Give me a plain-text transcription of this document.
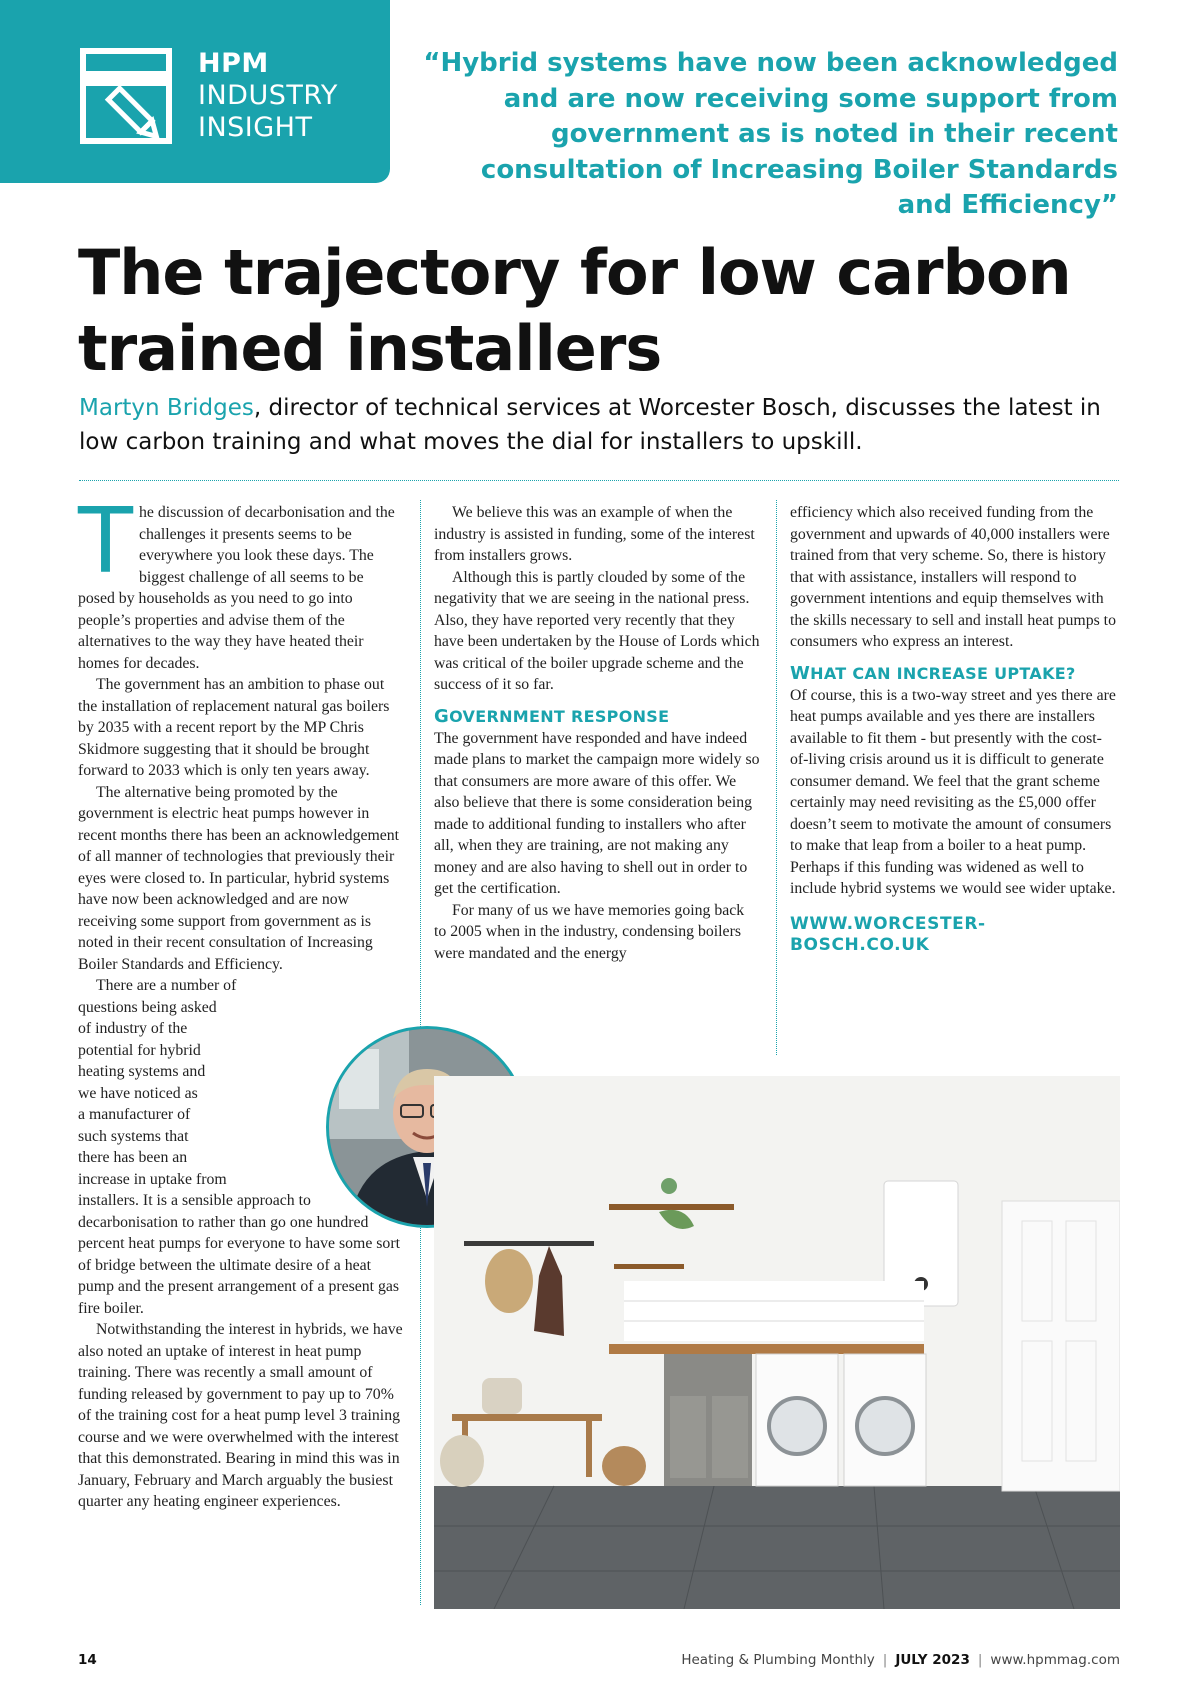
HPM
INDUSTRY
INSIGHT
“Hybrid systems have now been acknowledged and are now receiving some support from government as is noted in their recent consultation of Increasing Boiler Standards and Efficiency”
The trajectory for low carbon trained installers

Martyn Bridges, director of technical services at Worcester Bosch, discusses the latest in low carbon training and what moves the dial for installers to upskill.

The discussion of decarbonisation and the challenges it presents seems to be everywhere you look these days. The biggest challenge of all seems to be posed by households as you need to go into people’s properties and advise them of the alternatives to the way they have heated their homes for decades.

The government has an ambition to phase out the installation of replacement natural gas boilers by 2035 with a recent report by the MP Chris Skidmore suggesting that it should be brought forward to 2033 which is only ten years away.

The alternative being promoted by the government is electric heat pumps however in recent months there has been an acknowledgement of all manner of technologies that previously their eyes were closed to. In particular, hybrid systems have now been acknowledged and are now receiving some support from government as is noted in their recent consultation of Increasing Boiler Standards and Efficiency.

There are a number of questions being asked of industry of the potential for hybrid heating systems and we have noticed as a manufacturer of such systems that there has been an increase in uptake from installers. It is a sensible approach to decarbonisation to rather than go one hundred percent heat pumps for everyone to have some sort of bridge between the ultimate desire of a heat pump and the present arrangement of a present gas fire boiler.

Notwithstanding the interest in hybrids, we have also noted an uptake of interest in heat pump training. There was recently a small amount of funding released by government to pay up to 70% of the training cost for a heat pump level 3 training course and we were overwhelmed with the interest that this demonstrated. Bearing in mind this was in January, February and March arguably the busiest quarter any heating engineer experiences.

We believe this was an example of when the industry is assisted in funding, some of the interest from installers grows.

Although this is partly clouded by some of the negativity that we are seeing in the national press. Also, they have reported very recently that they have been undertaken by the House of Lords which was critical of the boiler upgrade scheme and the success of it so far.

GOVERNMENT RESPONSE

The government have responded and have indeed made plans to market the campaign more widely so that consumers are more aware of this offer. We also believe that there is some consideration being made to additional funding to installers who after all, when they are training, are not making any money and are also having to shell out in order to get the certification.

For many of us we have memories going back to 2005 when in the industry, condensing boilers were mandated and the energy

efficiency which also received funding from the government and upwards of 40,000 installers were trained from that very scheme. So, there is history that with assistance, installers will respond to government intentions and equip themselves with the skills necessary to sell and install heat pumps to consumers who express an interest.

WHAT CAN INCREASE UPTAKE?

Of course, this is a two-way street and yes there are heat pumps available and yes there are installers available to fit them - but presently with the cost-of-living crisis around us it is difficult to generate consumer demand. We feel that the grant scheme certainly may need revisiting as the £5,000 offer doesn’t seem to motivate the amount of consumers to make that leap from a boiler to a heat pump. Perhaps if this funding was widened as well to include hybrid systems we would see wider uptake.

WWW.WORCESTER-BOSCH.CO.UK
14	Heating & Plumbing Monthly | JULY 2023 | www.hpmmag.com
